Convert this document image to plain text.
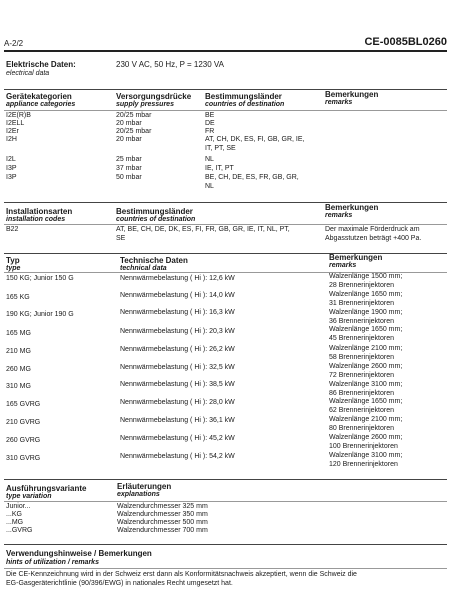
A-2/2	CE-0085BL0260
Elektrische Daten:
electrical data
230 V AC, 50 Hz, P = 1230 VA
Gerätekategorien
appliance categories
Versorgungsdrücke
supply pressures
Bestimmungsländer
countries of destination
Bemerkungen
remarks
I2E(R)B	20/25 mbar	BE
I2ELL	20 mbar	DE
I2Er	20/25 mbar	FR
I2H	20 mbar	AT, CH, DK, ES, FI, GB, GR, IE,
IT, PT, SE
I2L	25 mbar	NL
I3P	37 mbar	IE, IT, PT
I3P	50 mbar	BE, CH, DE, ES, FR, GB, GR,
NL
Installationsarten
installation codes
Bestimmungsländer
countries of destination
Bemerkungen
remarks
B22	AT, BE, CH, DE, DK, ES, FI, FR, GB, GR, IE, IT, NL, PT,
SE
Der maximale Förderdruck am
Abgasstutzen beträgt +400 Pa.
Typ
type
Technische Daten
technical data
Bemerkungen
remarks
150 KG; Junior 150 G	Nennwärmebelastung ( Hi ): 12,6 kW	Walzenlänge 1500 mm;
28 Brennerinjektoren
165 KG	Nennwärmebelastung ( Hi ): 14,0 kW	Walzenlänge 1650 mm;
31 Brennerinjektoren
190 KG; Junior 190 G	Nennwärmebelastung ( Hi ): 16,3 kW	Walzenlänge 1900 mm;
36 Brennerinjektoren
165 MG	Nennwärmebelastung ( Hi ): 20,3 kW	Walzenlänge 1650 mm;
45 Brennerinjektoren
210 MG	Nennwärmebelastung ( Hi ): 26,2 kW	Walzenlänge 2100 mm;
58 Brennerinjektoren
260 MG	Nennwärmebelastung ( Hi ): 32,5 kW	Walzenlänge 2600 mm;
72 Brennerinjektoren
310 MG	Nennwärmebelastung ( Hi ): 38,5 kW	Walzenlänge 3100 mm;
86 Brennerinjektoren
165 GVRG	Nennwärmebelastung ( Hi ): 28,0 kW	Walzenlänge 1650 mm;
62 Brennerinjektoren
210 GVRG	Nennwärmebelastung ( Hi ): 36,1 kW	Walzenlänge 2100 mm;
80 Brennerinjektoren
260 GVRG	Nennwärmebelastung ( Hi ): 45,2 kW	Walzenlänge 2600 mm;
100 Brennerinjektoren
310 GVRG	Nennwärmebelastung ( Hi ): 54,2 kW	Walzenlänge 3100 mm;
120 Brennerinjektoren
Ausführungsvariante
type variation
Erläuterungen
explanations
Junior...	Walzendurchmesser 325 mm
...KG	Walzendurchmesser 350 mm
...MG	Walzendurchmesser 500 mm
...GVRG	Walzendurchmesser 700 mm
Verwendungshinweise / Bemerkungen
hints of utilization / remarks
Die CE-Kennzeichnung wird in der Schweiz erst dann als Konformitätsnachweis akzeptiert, wenn die Schweiz die
EG-Gasgeräterichtlinie (90/396/EWG) in nationales Recht umgesetzt hat.
